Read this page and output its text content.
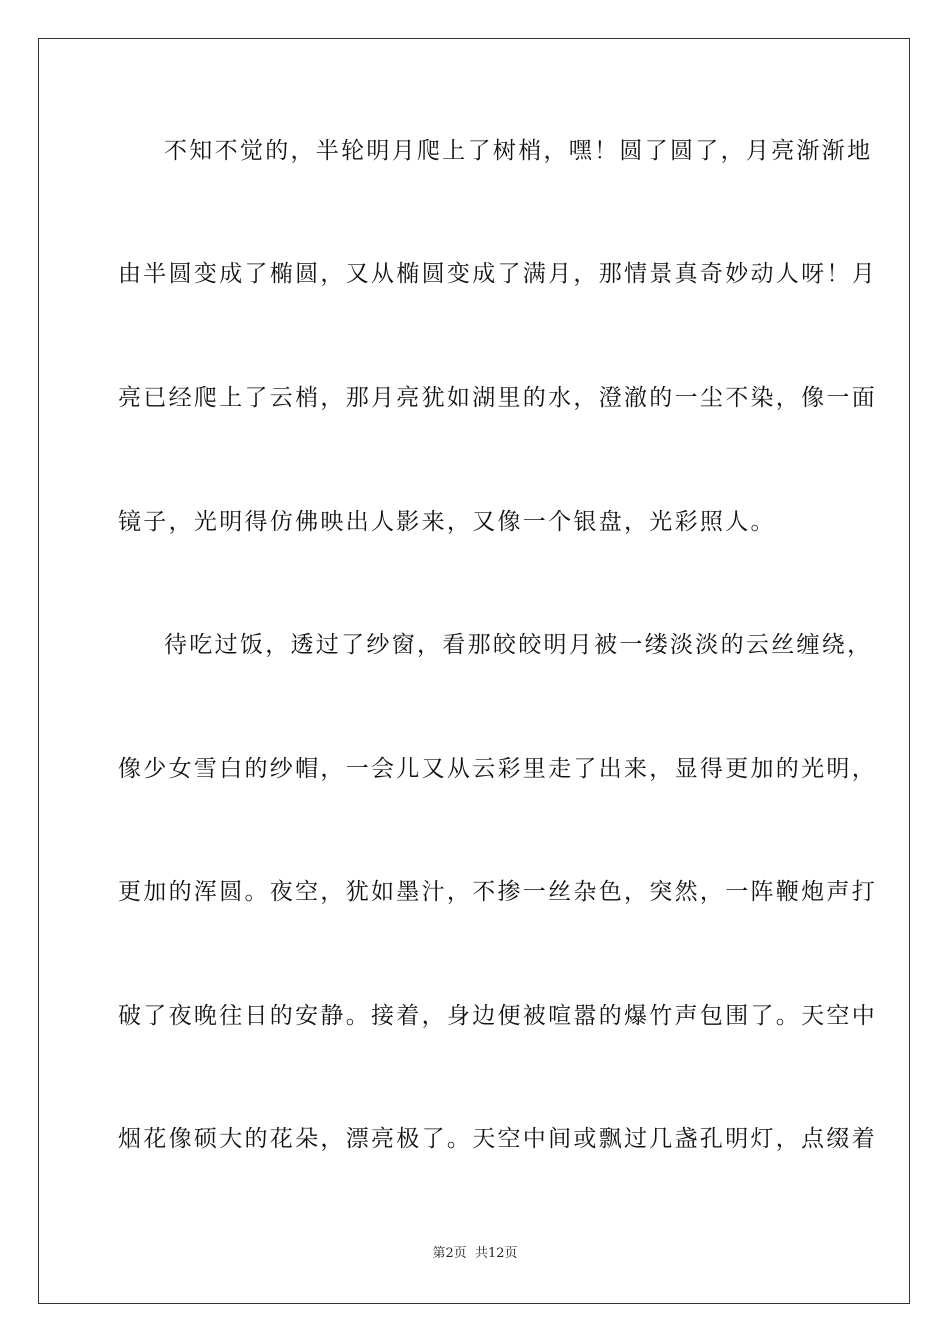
不知不觉的，半轮明月爬上了树梢，嘿！圆了圆了，月亮渐渐地
由半圆变成了椭圆，又从椭圆变成了满月，那情景真奇妙动人呀！月
亮已经爬上了云梢，那月亮犹如湖里的水，澄澈的一尘不染，像一面
镜子，光明得仿佛映出人影来，又像一个银盘，光彩照人。
待吃过饭，透过了纱窗，看那皎皎明月被一缕淡淡的云丝缠绕，
像少女雪白的纱帽，一会儿又从云彩里走了出来，显得更加的光明，
更加的浑圆。夜空，犹如墨汁，不掺一丝杂色，突然，一阵鞭炮声打
破了夜晚往日的安静。接着，身边便被喧嚣的爆竹声包围了。天空中
烟花像硕大的花朵，漂亮极了。天空中间或飘过几盏孔明灯，点缀着
第2页  共12页
